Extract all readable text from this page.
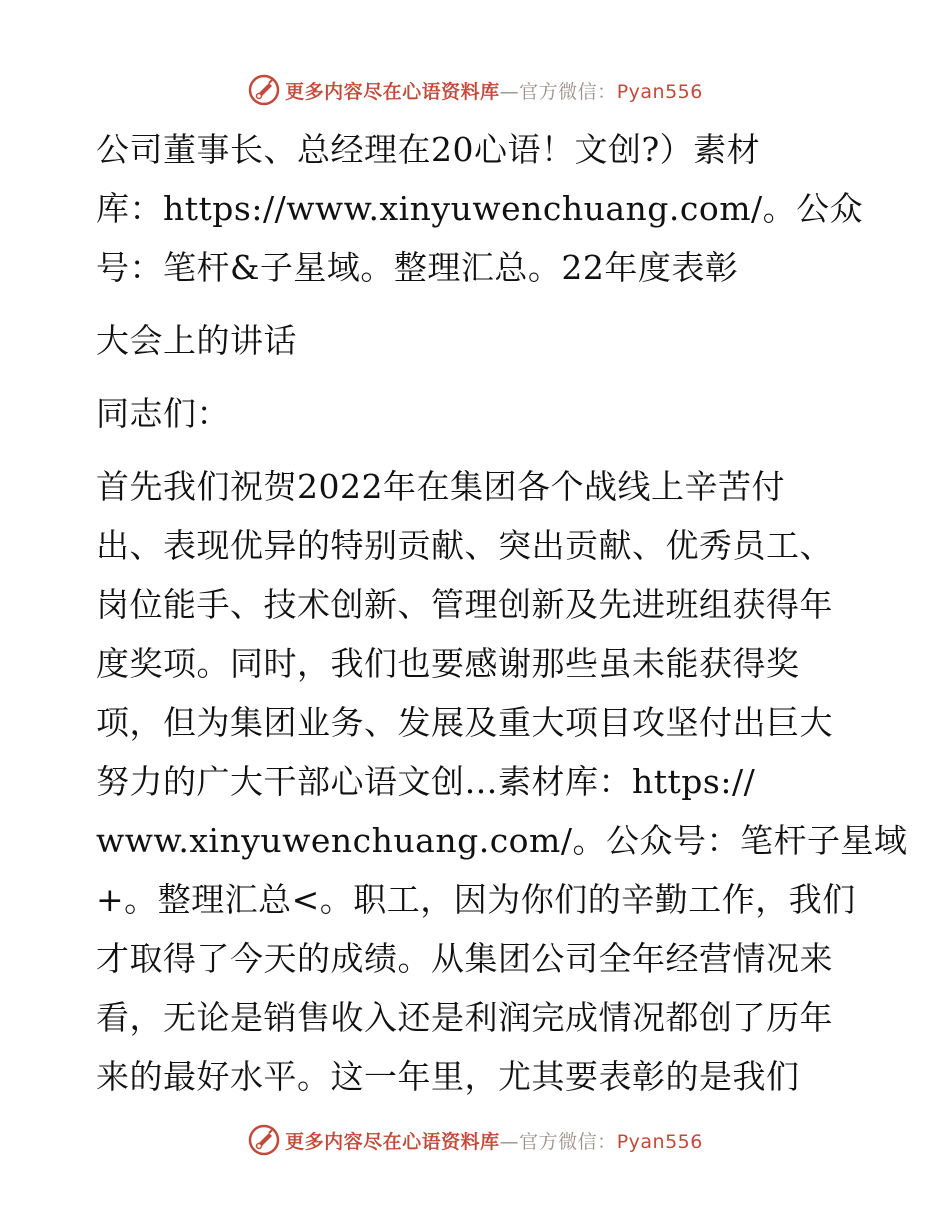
更多内容尽在心语资料库—官方微信：Pyan556
公司董事长、总经理在20心语！文创?）素材
库：https://www.xinyuwenchuang.com/。公众
号：笔杆&子星域。整理汇总。22年度表彰
大会上的讲话
同志们：
首先我们祝贺2022年在集团各个战线上辛苦付
出、表现优异的特别贡献、突出贡献、优秀员工、
岗位能手、技术创新、管理创新及先进班组获得年
度奖项。同时，我们也要感谢那些虽未能获得奖
项，但为集团业务、发展及重大项目攻坚付出巨大
努力的广大干部心语文创…素材库：https://
www.xinyuwenchuang.com/。公众号：笔杆子星域
+。整理汇总<。职工，因为你们的辛勤工作，我们
才取得了今天的成绩。从集团公司全年经营情况来
看，无论是销售收入还是利润完成情况都创了历年
来的最好水平。这一年里，尤其要表彰的是我们
更多内容尽在心语资料库—官方微信：Pyan556
